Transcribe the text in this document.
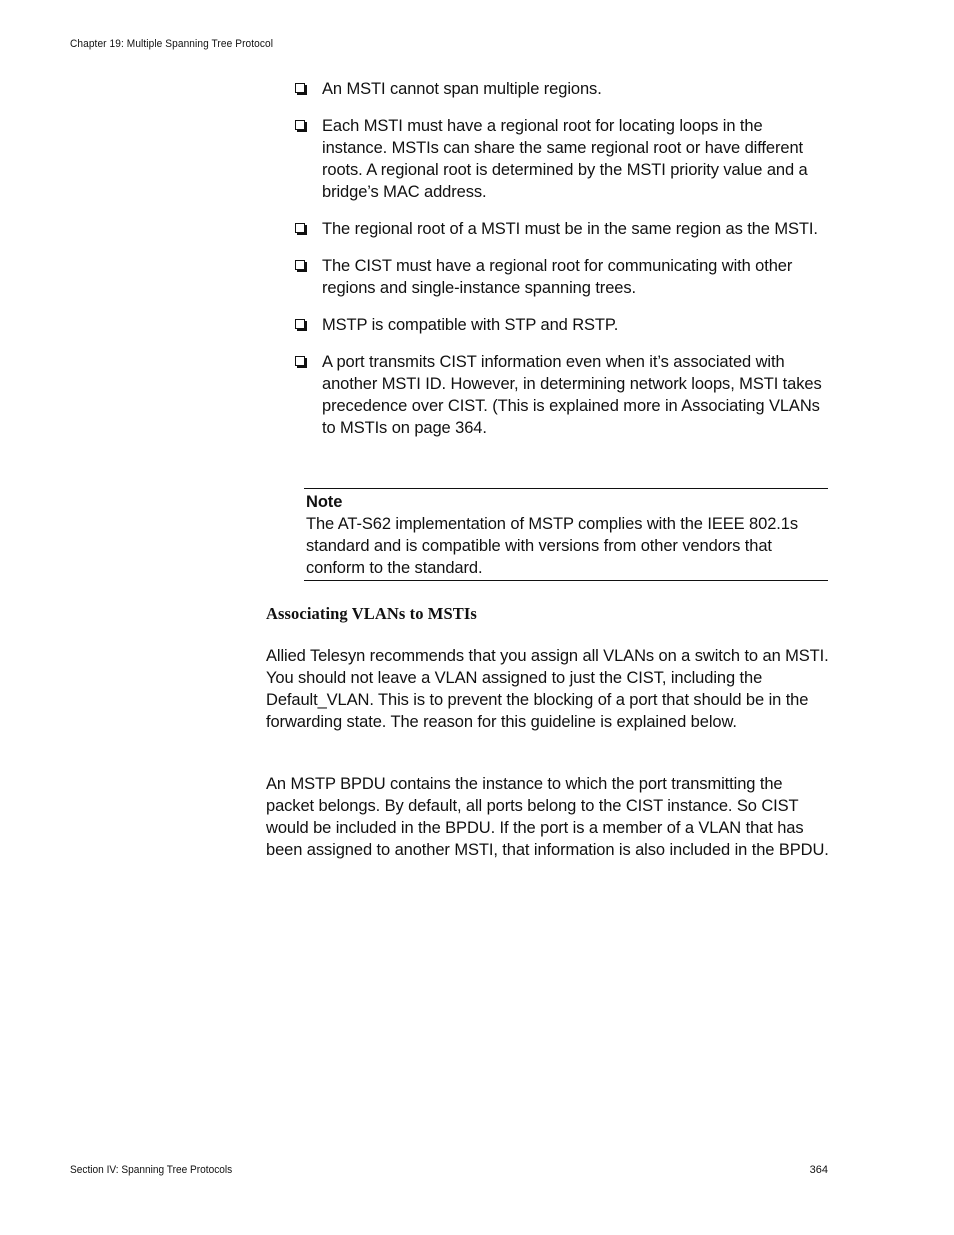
Chapter 19: Multiple Spanning Tree Protocol
An MSTI cannot span multiple regions.
Each MSTI must have a regional root for locating loops in the instance. MSTIs can share the same regional root or have different roots. A regional root is determined by the MSTI priority value and a bridge’s MAC address.
The regional root of a MSTI must be in the same region as the MSTI.
The CIST must have a regional root for communicating with other regions and single-instance spanning trees.
MSTP is compatible with STP and RSTP.
A port transmits CIST information even when it’s associated with another MSTI ID. However, in determining network loops, MSTI takes precedence over CIST. (This is explained more in Associating VLANs to MSTIs on page 364.
Note
The AT-S62 implementation of MSTP complies with the IEEE 802.1s standard and is compatible with versions from other vendors that conform to the standard.
Associating VLANs to MSTIs

Allied Telesyn recommends that you assign all VLANs on a switch to an MSTI. You should not leave a VLAN assigned to just the CIST, including the Default_VLAN. This is to prevent the blocking of a port that should be in the forwarding state. The reason for this guideline is explained below.

An MSTP BPDU contains the instance to which the port transmitting the packet belongs. By default, all ports belong to the CIST instance. So CIST would be included in the BPDU. If the port is a member of a VLAN that has been assigned to another MSTI, that information is also included in the BPDU.

Section IV: Spanning Tree Protocols	364
